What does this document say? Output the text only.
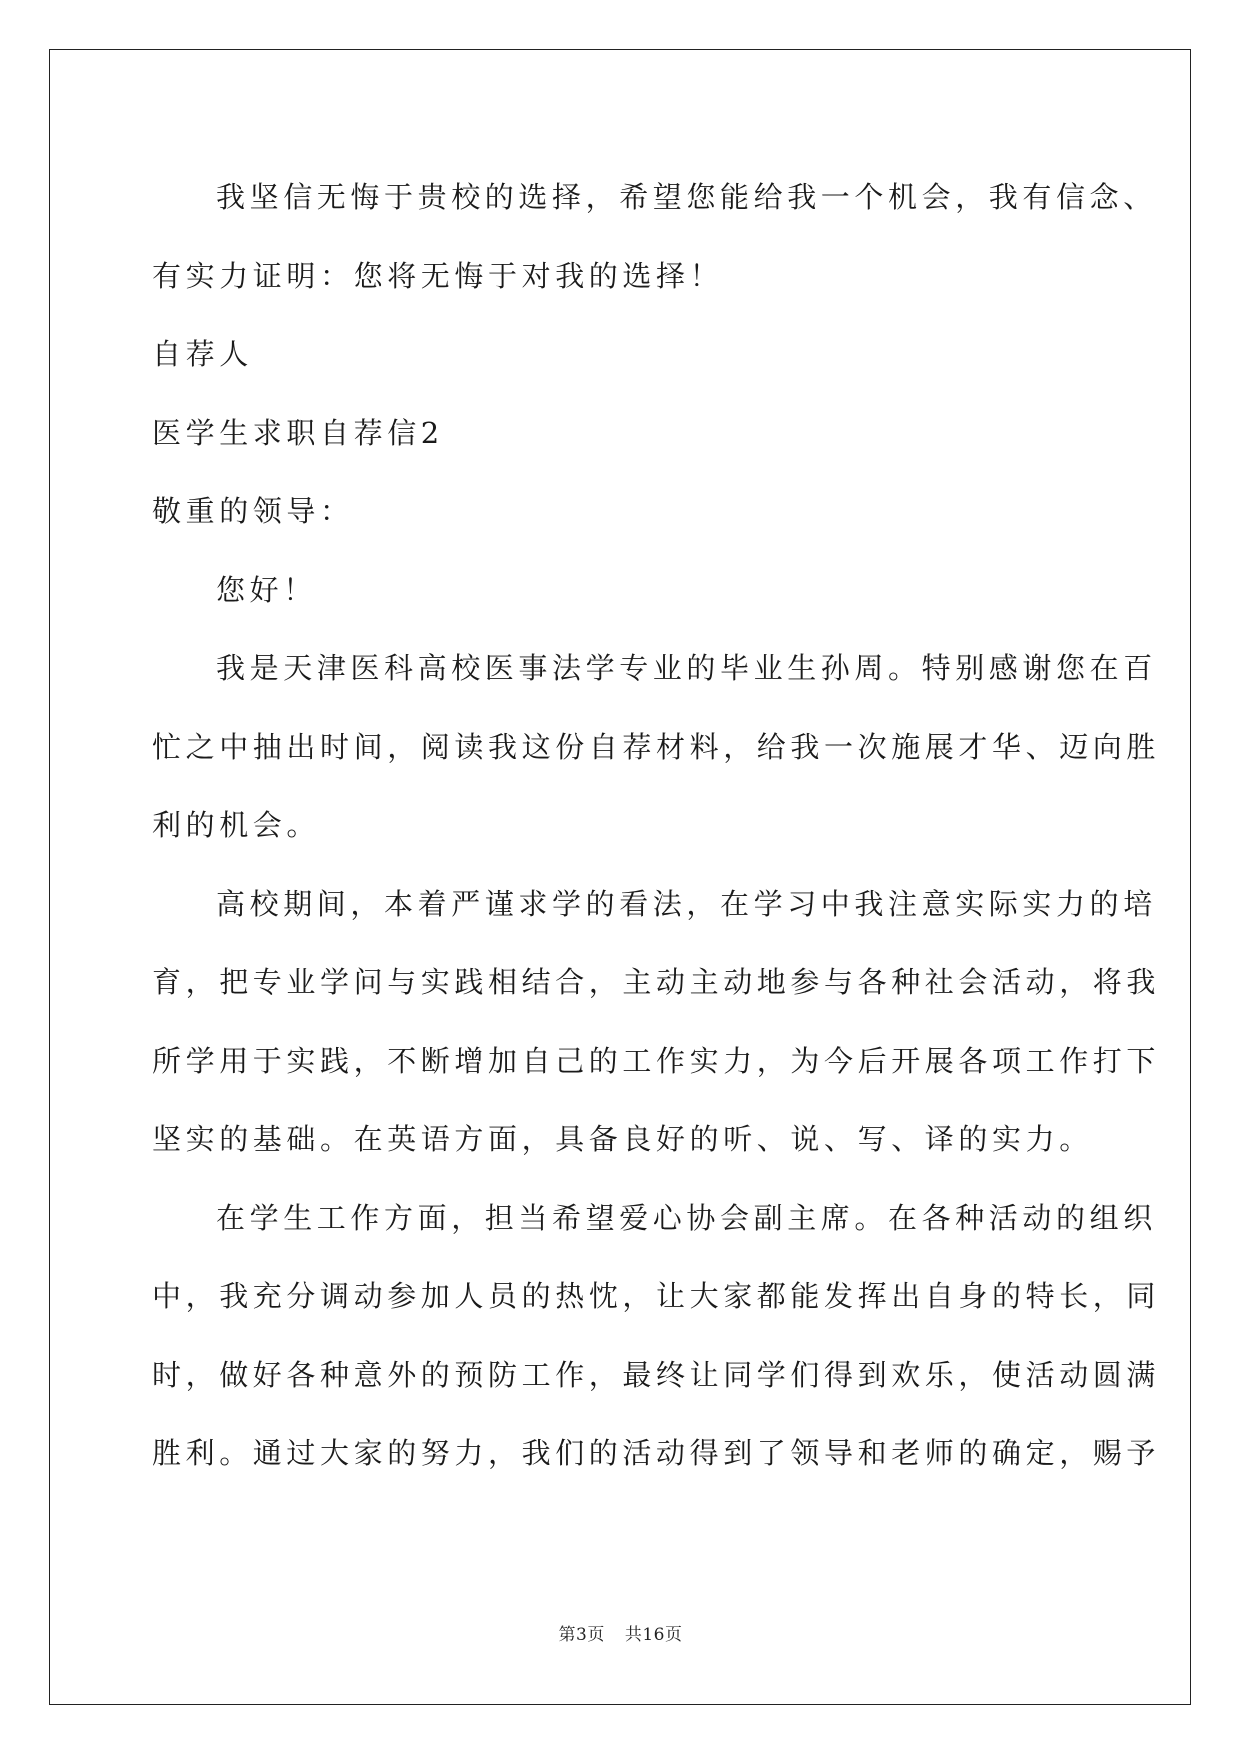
我坚信无悔于贵校的选择，希望您能给我一个机会，我有信念、
有实力证明：您将无悔于对我的选择！
自荐人
医学生求职自荐信2
敬重的领导：
您好！
我是天津医科高校医事法学专业的毕业生孙周。特别感谢您在百
忙之中抽出时间，阅读我这份自荐材料，给我一次施展才华、迈向胜
利的机会。
高校期间，本着严谨求学的看法，在学习中我注意实际实力的培
育，把专业学问与实践相结合，主动主动地参与各种社会活动，将我
所学用于实践，不断增加自己的工作实力，为今后开展各项工作打下
坚实的基础。在英语方面，具备良好的听、说、写、译的实力。
在学生工作方面，担当希望爱心协会副主席。在各种活动的组织
中，我充分调动参加人员的热忱，让大家都能发挥出自身的特长，同
时，做好各种意外的预防工作，最终让同学们得到欢乐，使活动圆满
胜利。通过大家的努力，我们的活动得到了领导和老师的确定，赐予
第3页 共16页
